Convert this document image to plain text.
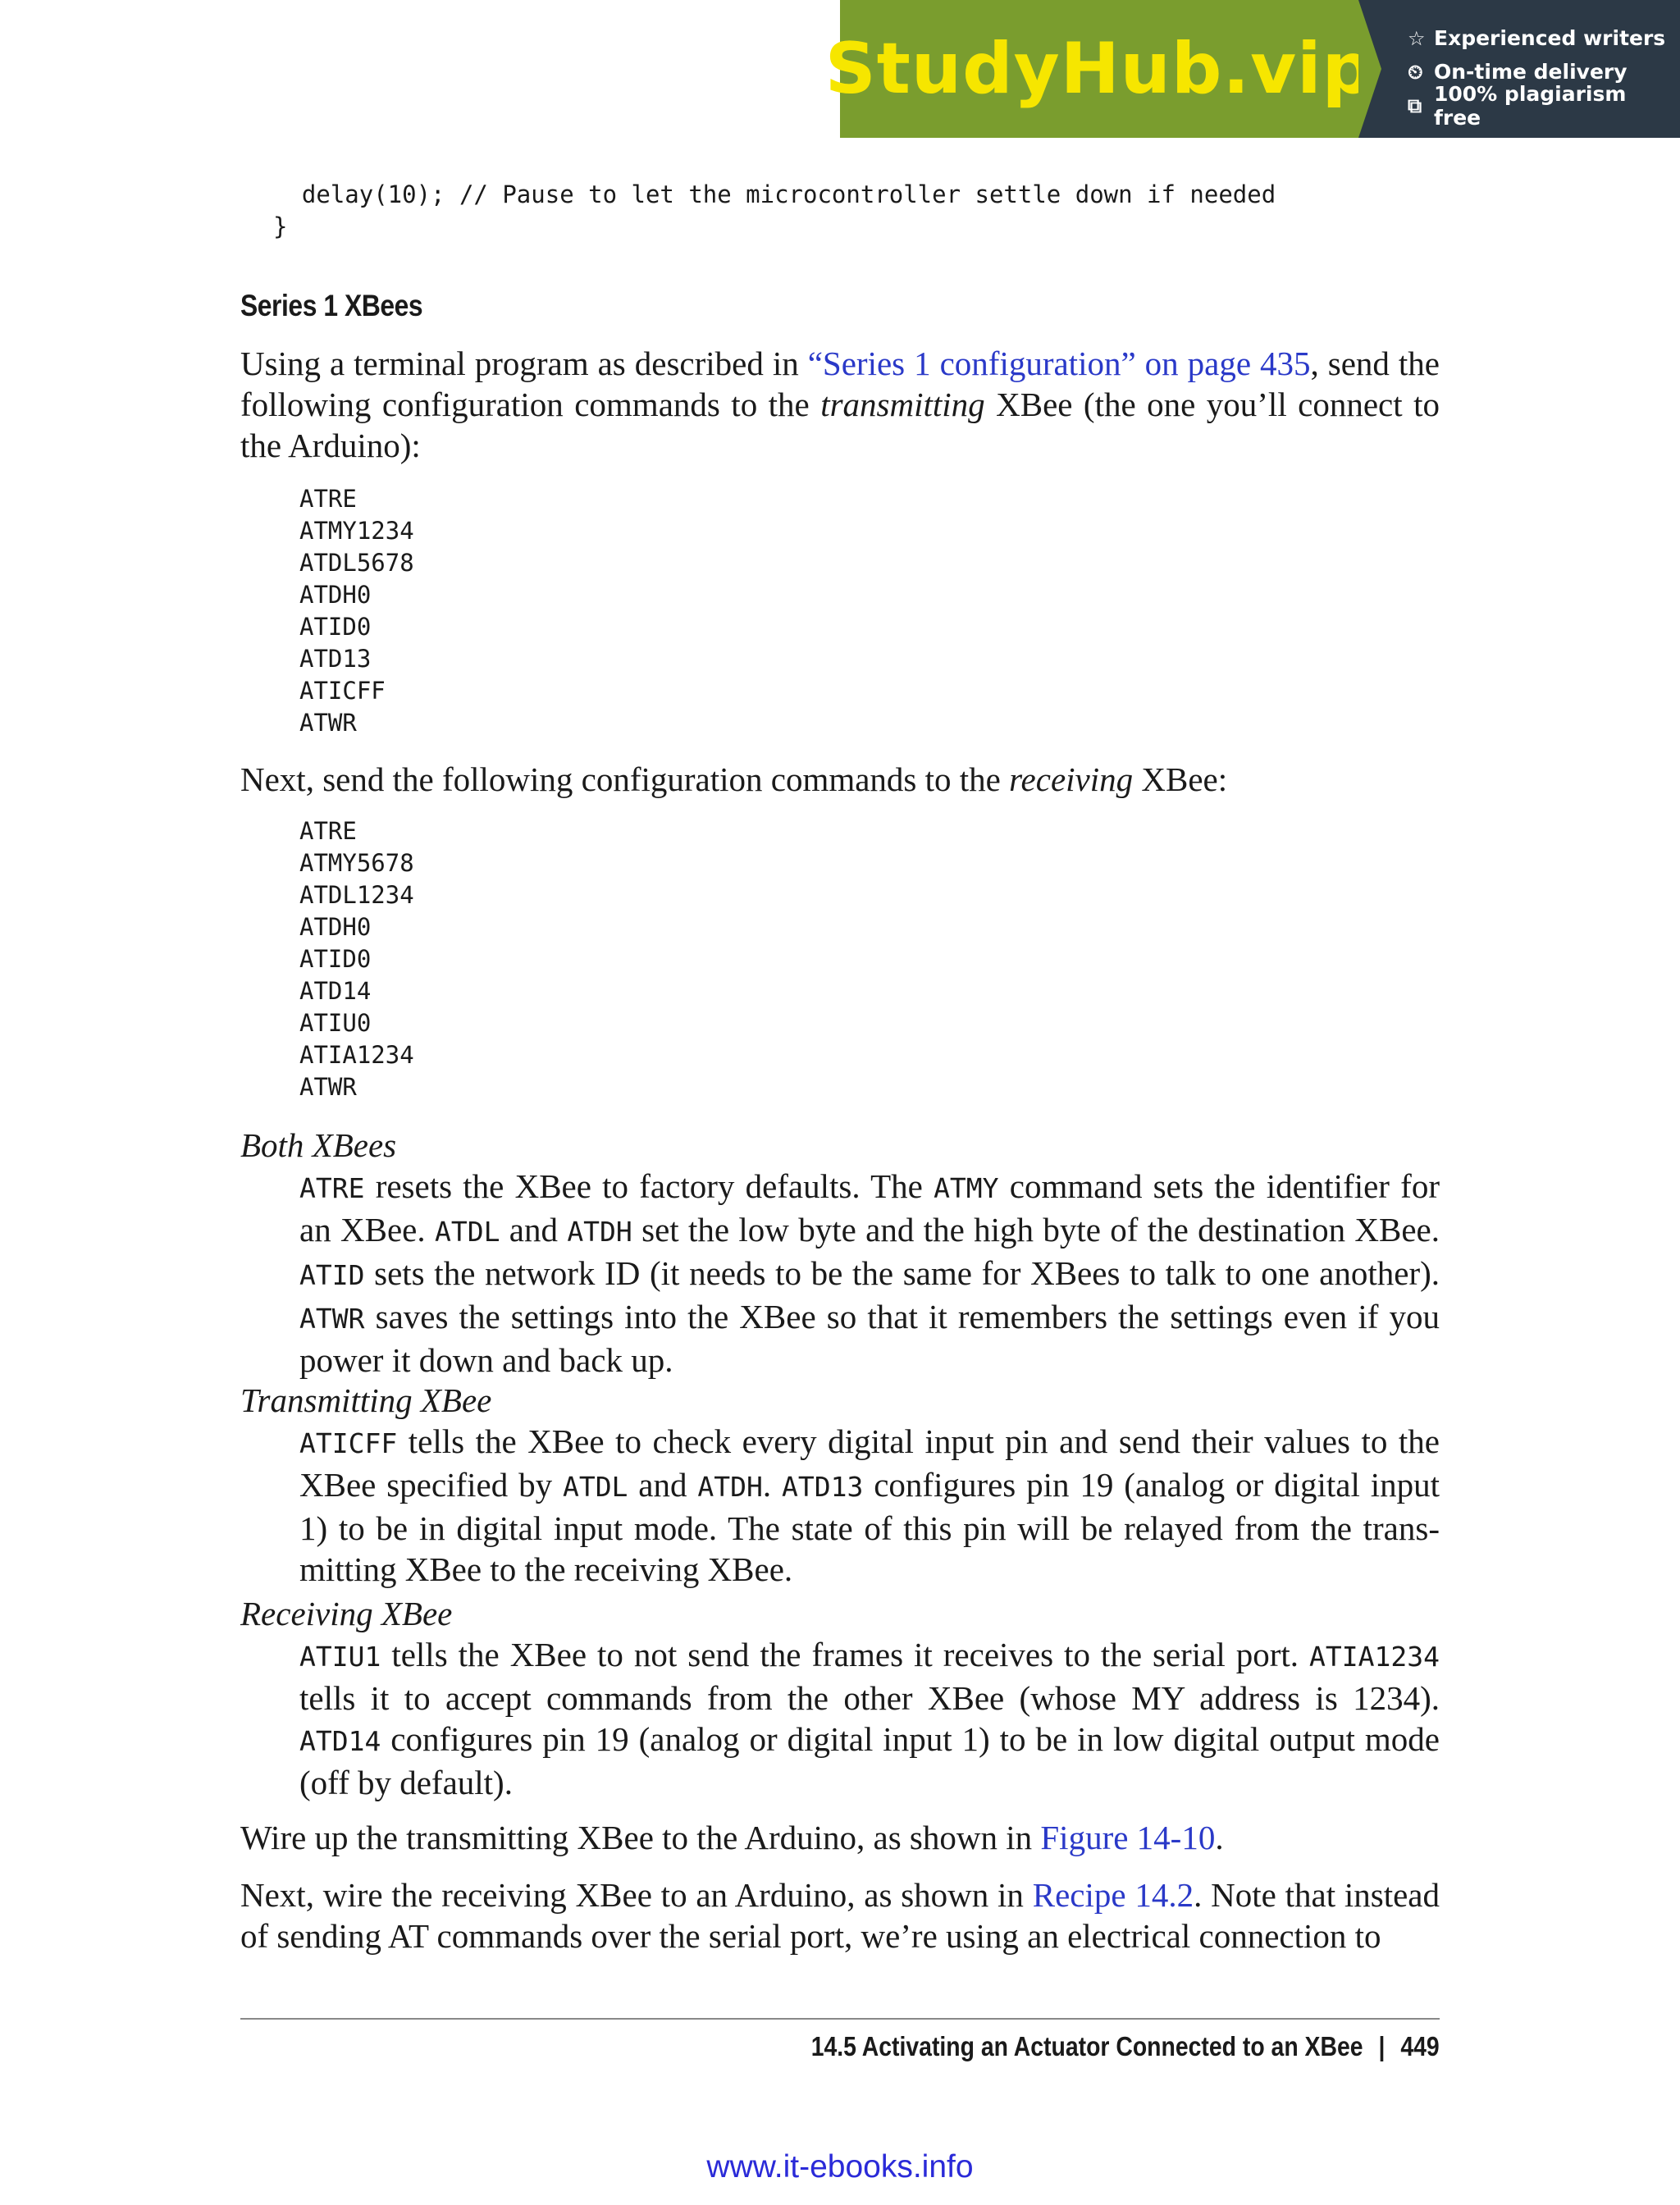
StudyHub.vip ☆ Experienced writers
⏲ On-time delivery
⧉ 100% plagiarism free
delay(10); // Pause to let the microcontroller settle down if needed
}
Series 1 XBees

Using a terminal program as described in “Series 1 configuration” on page 435, send the following configuration commands to the transmitting XBee (the one you’ll connect to the Arduino):

ATRE
ATMY1234
ATDL5678
ATDH0
ATID0
ATD13
ATICFF
ATWR

Next, send the following configuration commands to the receiving XBee:

ATRE
ATMY5678
ATDL1234
ATDH0
ATID0
ATD14
ATIU0
ATIA1234
ATWR
Both XBees

ATRE resets the XBee to factory defaults. The ATMY command sets the identifier for an XBee. ATDL and ATDH set the low byte and the high byte of the destination XBee. ATID sets the network ID (it needs to be the same for XBees to talk to one another). ATWR saves the settings into the XBee so that it remembers the settings even if you power it down and back up.

Transmitting XBee

ATICFF tells the XBee to check every digital input pin and send their values to the XBee specified by ATDL and ATDH. ATD13 configures pin 19 (analog or digital input 1) to be in digital input mode. The state of this pin will be relayed from the transmitting XBee to the receiving XBee.

Receiving XBee

ATIU1 tells the XBee to not send the frames it receives to the serial port. ATIA1234 tells it to accept commands from the other XBee (whose MY address is 1234). ATD14 configures pin 19 (analog or digital input 1) to be in low digital output mode (off by default).

Wire up the transmitting XBee to the Arduino, as shown in Figure 14-10.

Next, wire the receiving XBee to an Arduino, as shown in Recipe 14.2. Note that instead of sending AT commands over the serial port, we’re using an electrical connection to

14.5 Activating an Actuator Connected to an XBee | 449
www.it-ebooks.info
